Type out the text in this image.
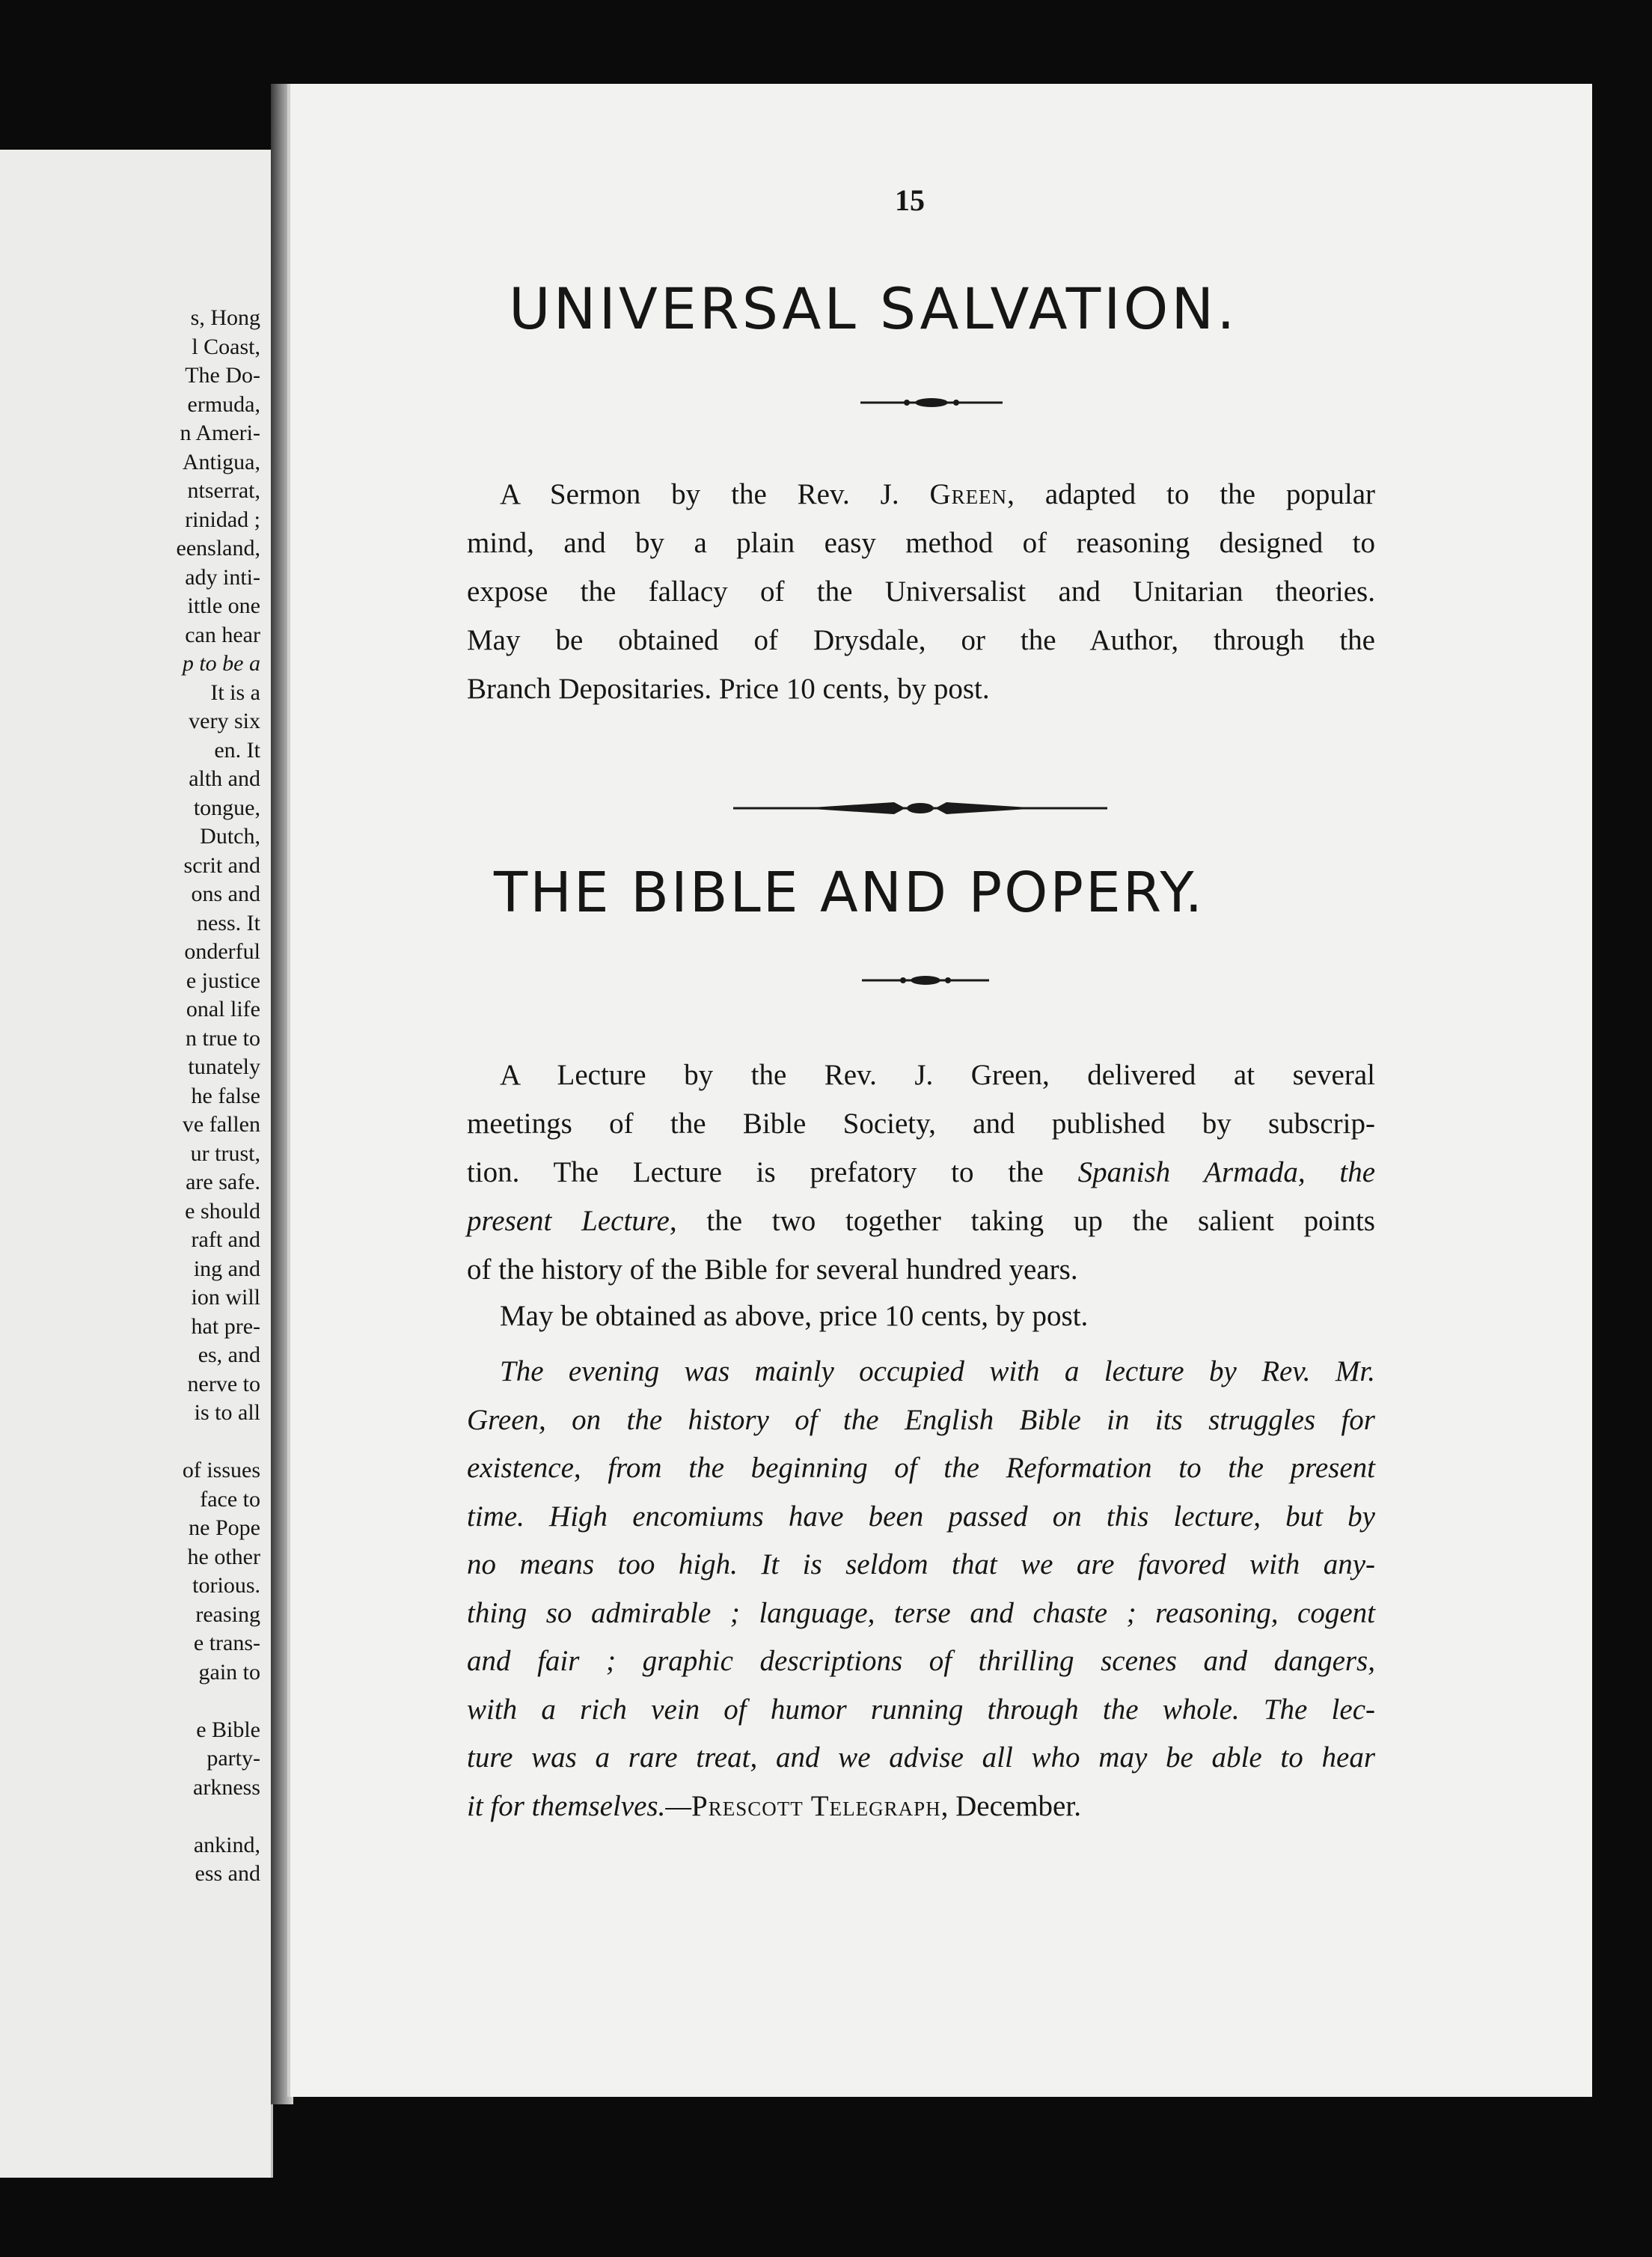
s, Hong
l Coast,
The Do-
ermuda,
n Ameri-
Antigua,
ntserrat,
rinidad ;
eensland,
ady inti-
ittle one
can hear
p to be a
It is a
very six
en. It
alth and
tongue,
Dutch,
scrit and
ons and
ness. It
onderful
e justice
onal life
n true to
tunately
he false
ve fallen
ur trust,
are safe.
e should
raft and
ing and
ion will
hat pre-
es, and
nerve to
is to all
of issues
face to
ne Pope
he other
torious.
reasing
e trans-
gain to
e Bible
party-
arkness
ankind,
ess and
15
UNIVERSAL SALVATION.
A Sermon by the Rev. J. Green, adapted to the popular
mind, and by a plain easy method of reasoning designed to
expose the fallacy of the Universalist and Unitarian theories.
May be obtained of Drysdale, or the Author, through the
Branch Depositaries. Price 10 cents, by post.
THE BIBLE AND POPERY.
A Lecture by the Rev. J. Green, delivered at several
meetings of the Bible Society, and published by subscrip-
tion. The Lecture is prefatory to the Spanish Armada, the
present Lecture, the two together taking up the salient points
of the history of the Bible for several hundred years.
May be obtained as above, price 10 cents, by post.
The evening was mainly occupied with a lecture by Rev. Mr.
Green, on the history of the English Bible in its struggles for
existence, from the beginning of the Reformation to the present
time. High encomiums have been passed on this lecture, but by
no means too high. It is seldom that we are favored with any-
thing so admirable ; language, terse and chaste ; reasoning, cogent
and fair ; graphic descriptions of thrilling scenes and dangers,
with a rich vein of humor running through the whole. The lec-
ture was a rare treat, and we advise all who may be able to hear
it for themselves.—Prescott Telegraph, December.
